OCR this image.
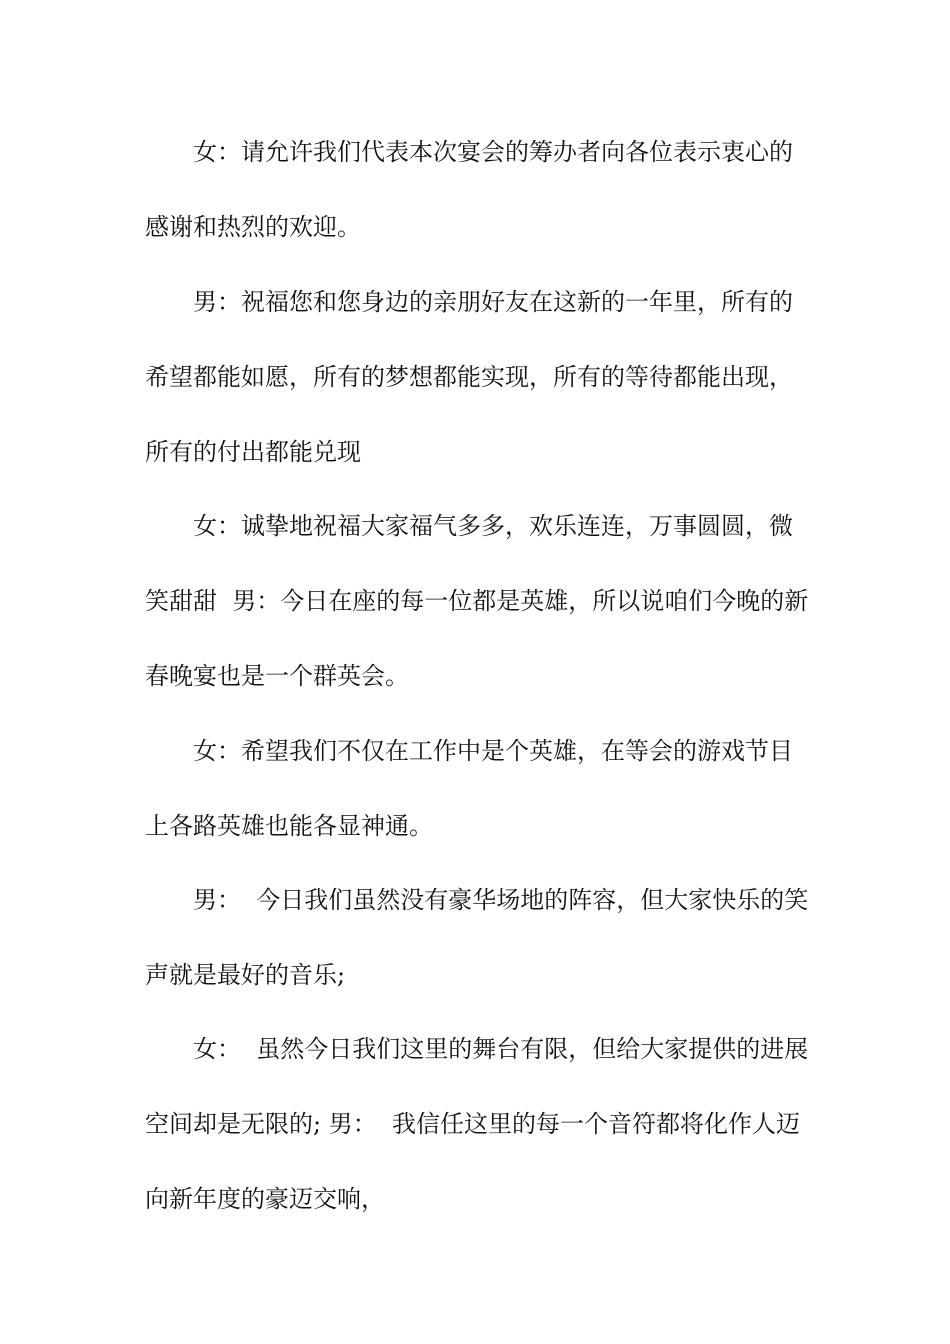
女：请允许我们代表本次宴会的筹办者向各位表示衷心的

感谢和热烈的欢迎。

男：祝福您和您身边的亲朋好友在这新的一年里，所有的

希望都能如愿，所有的梦想都能实现，所有的等待都能出现，

所有的付出都能兑现

女：诚挚地祝福大家福气多多，欢乐连连，万事圆圆，微

笑甜甜  男：今日在座的每一位都是英雄，所以说咱们今晚的新

春晚宴也是一个群英会。

女：希望我们不仅在工作中是个英雄，在等会的游戏节目

上各路英雄也能各显神通。

男：  今日我们虽然没有豪华场地的阵容，但大家快乐的笑

声就是最好的音乐;

女：  虽然今日我们这里的舞台有限，但给大家提供的进展

空间却是无限的; 男：  我信任这里的每一个音符都将化作人迈

向新年度的豪迈交响，
